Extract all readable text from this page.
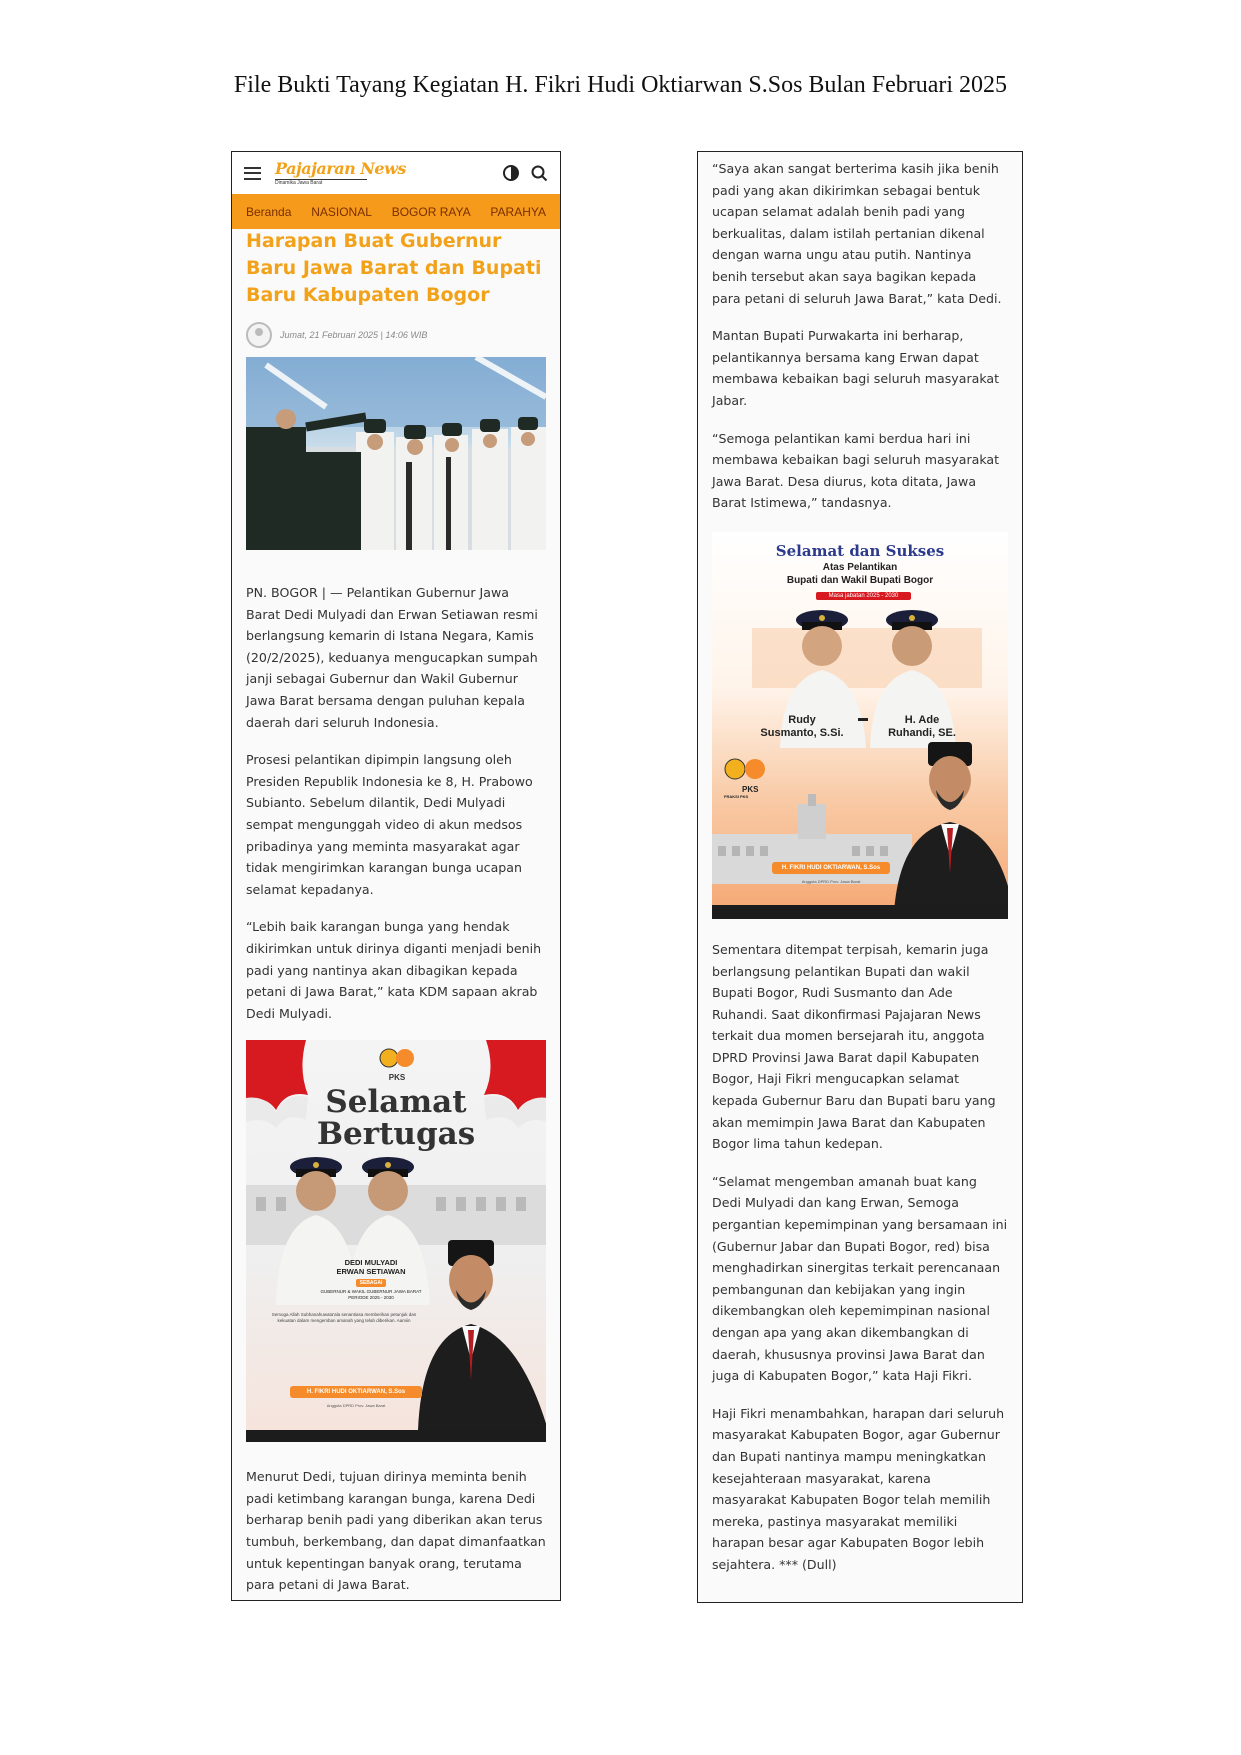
File Bukti Tayang Kegiatan H. Fikri Hudi Oktiarwan S.Sos Bulan Februari 2025
Pajajaran News
Dinamika Jawa Barat
Beranda NASIONAL BOGOR RAYA PARAHYA
Harapan Buat Gubernur Baru Jawa Barat dan Bupati Baru Kabupaten Bogor
Jumat, 21 Februari 2025 | 14:06 WIB

PN. BOGOR | — Pelantikan Gubernur Jawa Barat Dedi Mulyadi dan Erwan Setiawan resmi berlangsung kemarin di Istana Negara, Kamis (20/2/2025), keduanya mengucapkan sumpah janji sebagai Gubernur dan Wakil Gubernur Jawa Barat bersama dengan puluhan kepala daerah dari seluruh Indonesia.

Prosesi pelantikan dipimpin langsung oleh Presiden Republik Indonesia ke 8, H. Prabowo Subianto. Sebelum dilantik, Dedi Mulyadi sempat mengunggah video di akun medsos pribadinya yang meminta masyarakat agar tidak mengirimkan karangan bunga ucapan selamat kepadanya.

“Lebih baik karangan bunga yang hendak dikirimkan untuk dirinya diganti menjadi benih padi yang nantinya akan dibagikan kepada petani di Jawa Barat,” kata KDM sapaan akrab Dedi Mulyadi.

PKS
Selamat
Bertugas
DEDI MULYADI
ERWAN SETIAWAN
SEBAGAI
GUBERNUR & WAKIL GUBERNUR JAWA BARAT
PERIODE 2025 - 2030
Semoga Allah Subhanahuwata'ala senantiasa memberikan petunjuk dan kekuatan dalam mengemban amanah yang telah diberikan. Aamiin
H. FIKRI HUDI OKTIARWAN, S.Sos
Anggota DPRD Prov. Jawa Barat

Menurut Dedi, tujuan dirinya meminta benih padi ketimbang karangan bunga, karena Dedi berharap benih padi yang diberikan akan terus tumbuh, berkembang, dan dapat dimanfaatkan untuk kepentingan banyak orang, terutama para petani di Jawa Barat.

“Saya akan sangat berterima kasih jika benih padi yang akan dikirimkan sebagai bentuk ucapan selamat adalah benih padi yang berkualitas, dalam istilah pertanian dikenal dengan warna ungu atau putih. Nantinya benih tersebut akan saya bagikan kepada para petani di seluruh Jawa Barat,” kata Dedi.

Mantan Bupati Purwakarta ini berharap, pelantikannya bersama kang Erwan dapat membawa kebaikan bagi seluruh masyarakat Jabar.

“Semoga pelantikan kami berdua hari ini membawa kebaikan bagi seluruh masyarakat Jawa Barat. Desa diurus, kota ditata, Jawa Barat Istimewa,” tandasnya.

Selamat dan Sukses
Atas Pelantikan
Bupati dan Wakil Bupati Bogor
Masa jabatan 2025 - 2030
Rudy
Susmanto, S.Si.
H. Ade
Ruhandi, SE.
PKS
FRAKSI PKS
H. FIKRI HUDI OKTIARWAN, S.Sos
Anggota DPRD Prov. Jawa Barat

Sementara ditempat terpisah, kemarin juga berlangsung pelantikan Bupati dan wakil Bupati Bogor, Rudi Susmanto dan Ade Ruhandi. Saat dikonfirmasi Pajajaran News terkait dua momen bersejarah itu, anggota DPRD Provinsi Jawa Barat dapil Kabupaten Bogor, Haji Fikri mengucapkan selamat kepada Gubernur Baru dan Bupati baru yang akan memimpin Jawa Barat dan Kabupaten Bogor lima tahun kedepan.

“Selamat mengemban amanah buat kang Dedi Mulyadi dan kang Erwan, Semoga pergantian kepemimpinan yang bersamaan ini (Gubernur Jabar dan Bupati Bogor, red) bisa menghadirkan sinergitas terkait perencanaan pembangunan dan kebijakan yang ingin dikembangkan oleh kepemimpinan nasional dengan apa yang akan dikembangkan di daerah, khususnya provinsi Jawa Barat dan juga di Kabupaten Bogor,” kata Haji Fikri.

Haji Fikri menambahkan, harapan dari seluruh masyarakat Kabupaten Bogor, agar Gubernur dan Bupati nantinya mampu meningkatkan kesejahteraan masyarakat, karena masyarakat Kabupaten Bogor telah memilih mereka, pastinya masyarakat memiliki harapan besar agar Kabupaten Bogor lebih sejahtera. *** (Dull)
